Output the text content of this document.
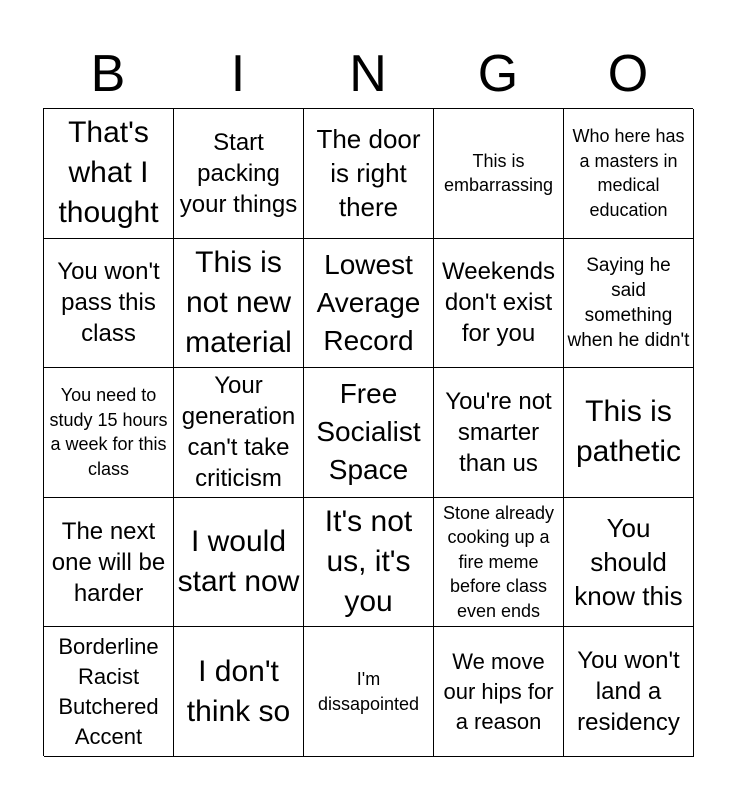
B	I	N	G	O
That's what I thought
Start packing your things
The door is right there
This is embarrassing
Who here has a masters in medical education
You won't pass this class
This is not new material
Lowest Average Record
Weekends don't exist for you
Saying he said something when he didn't
You need to study 15 hours a week for this class
Your generation can't take criticism
Free Socialist Space
You're not smarter than us
This is pathetic
The next one will be harder
I would start now
It's not us, it's you
Stone already cooking up a fire meme before class even ends
You should know this
Borderline Racist Butchered Accent
I don't think so
I'm dissapointed
We move our hips for a reason
You won't land a residency
